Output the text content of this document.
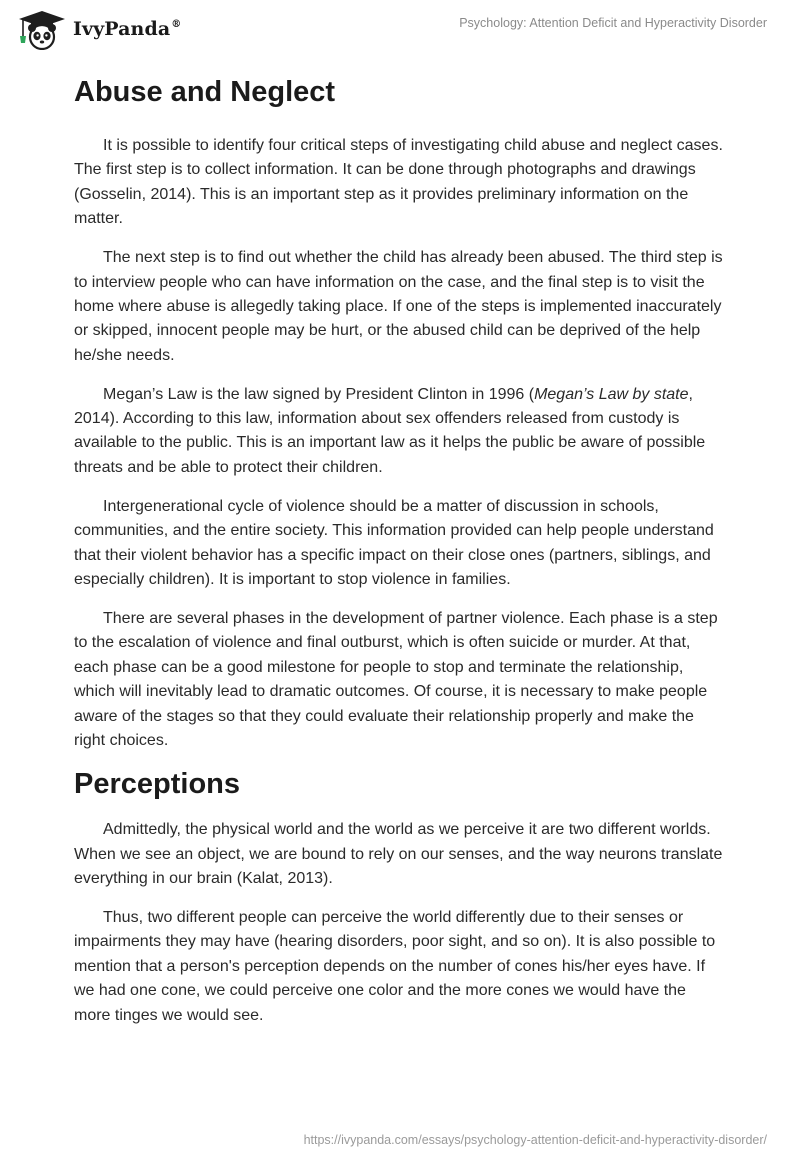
IvyPanda®	Psychology: Attention Deficit and Hyperactivity Disorder
Abuse and Neglect

It is possible to identify four critical steps of investigating child abuse and neglect cases. The first step is to collect information. It can be done through photographs and drawings (Gosselin, 2014). This is an important step as it provides preliminary information on the matter.

The next step is to find out whether the child has already been abused. The third step is to interview people who can have information on the case, and the final step is to visit the home where abuse is allegedly taking place. If one of the steps is implemented inaccurately or skipped, innocent people may be hurt, or the abused child can be deprived of the help he/she needs.

Megan’s Law is the law signed by President Clinton in 1996 (Megan’s Law by state, 2014). According to this law, information about sex offenders released from custody is available to the public. This is an important law as it helps the public be aware of possible threats and be able to protect their children.

Intergenerational cycle of violence should be a matter of discussion in schools, communities, and the entire society. This information provided can help people understand that their violent behavior has a specific impact on their close ones (partners, siblings, and especially children). It is important to stop violence in families.

There are several phases in the development of partner violence. Each phase is a step to the escalation of violence and final outburst, which is often suicide or murder. At that, each phase can be a good milestone for people to stop and terminate the relationship, which will inevitably lead to dramatic outcomes. Of course, it is necessary to make people aware of the stages so that they could evaluate their relationship properly and make the right choices.

Perceptions

Admittedly, the physical world and the world as we perceive it are two different worlds. When we see an object, we are bound to rely on our senses, and the way neurons translate everything in our brain (Kalat, 2013).

Thus, two different people can perceive the world differently due to their senses or impairments they may have (hearing disorders, poor sight, and so on). It is also possible to mention that a person's perception depends on the number of cones his/her eyes have. If we had one cone, we could perceive one color and the more cones we would have the more tinges we would see.

https://ivypanda.com/essays/psychology-attention-deficit-and-hyperactivity-disorder/
